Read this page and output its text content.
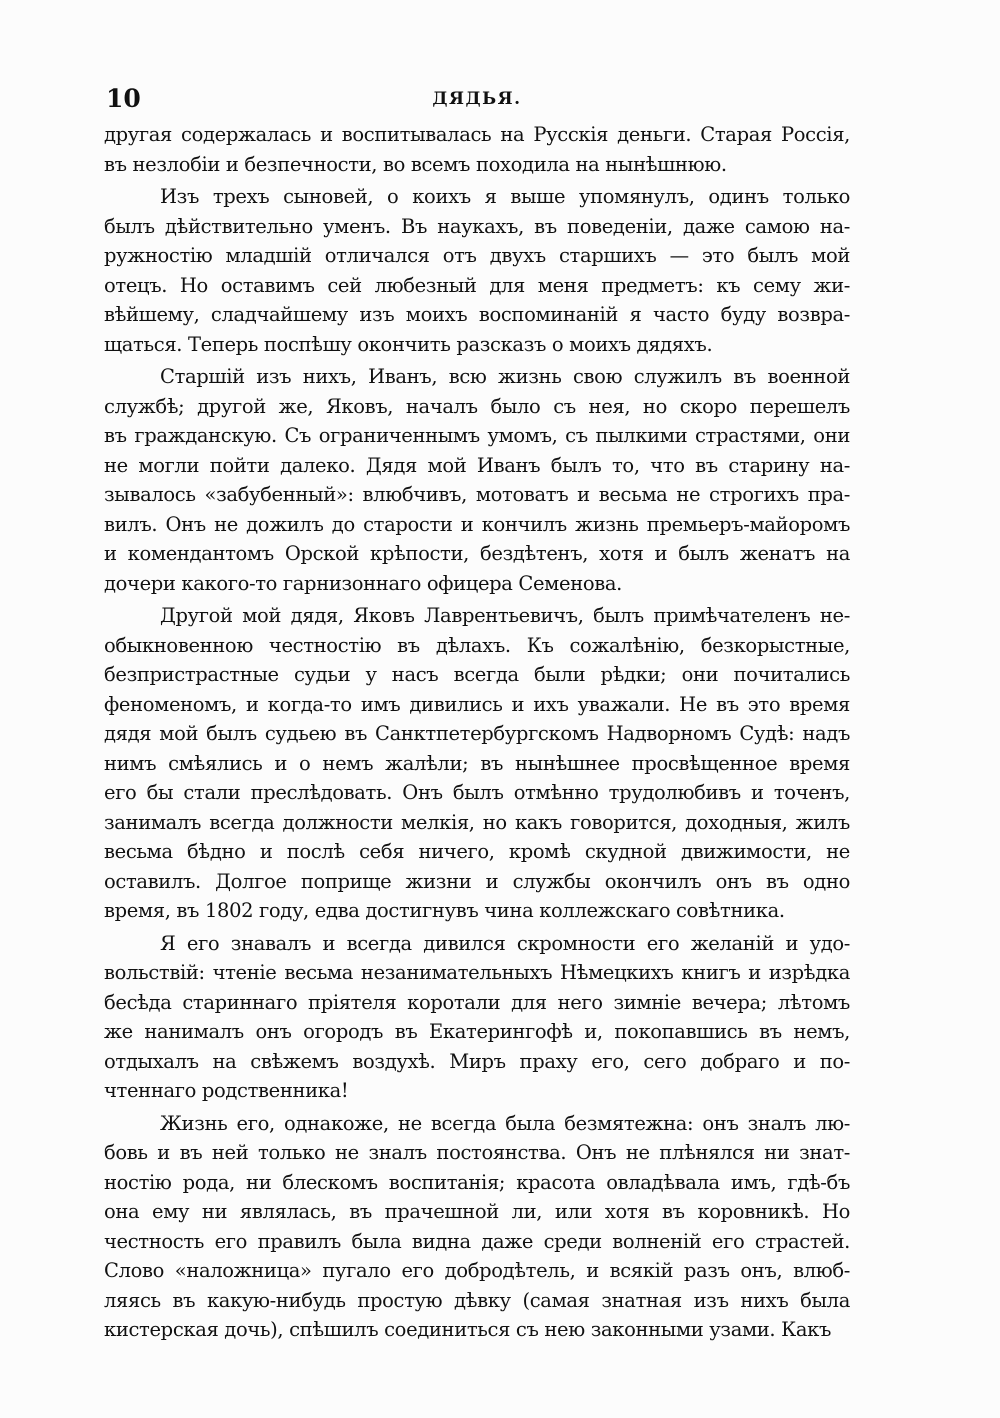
10	ДЯДЬЯ.
другая содержалась и воспитывалась на Русскія деньги. Старая Россія,
въ незлобіи и безпечности, во всемъ походила на нынѣшнюю.
Изъ трехъ сыновей, о коихъ я выше упомянулъ, одинъ только
былъ дѣйствительно уменъ. Въ наукахъ, въ поведеніи, даже самою на-
ружностію младшій отличался отъ двухъ старшихъ — это былъ мой
отецъ. Но оставимъ сей любезный для меня предметъ: къ сему жи-
вѣйшему, сладчайшему изъ моихъ воспоминаній я часто буду возвра-
щаться. Теперь поспѣшу окончить разсказъ о моихъ дядяхъ.
Старшій изъ нихъ, Иванъ, всю жизнь свою служилъ въ военной
службѣ; другой же, Яковъ, началъ было съ нея, но скоро перешелъ
въ гражданскую. Съ ограниченнымъ умомъ, съ пылкими страстями, они
не могли пойти далеко. Дядя мой Иванъ былъ то, что въ старину на-
зывалось «забубенный»: влюбчивъ, мотоватъ и весьма не строгихъ пра-
вилъ. Онъ не дожилъ до старости и кончилъ жизнь премьеръ-майоромъ
и комендантомъ Орской крѣпости, бездѣтенъ, хотя и былъ женатъ на
дочери какого-то гарнизоннаго офицера Семенова.
Другой мой дядя, Яковъ Лаврентьевичъ, былъ примѣчателенъ не-
обыкновенною честностію въ дѣлахъ. Къ сожалѣнію, безкорыстные,
безпристрастные судьи у насъ всегда были рѣдки; они почитались
феноменомъ, и когда-то имъ дивились и ихъ уважали. Не въ это время
дядя мой былъ судьею въ Санктпетербургскомъ Надворномъ Судѣ: надъ
нимъ смѣялись и о немъ жалѣли; въ нынѣшнее просвѣщенное время
его бы стали преслѣдовать. Онъ былъ отмѣнно трудолюбивъ и точенъ,
занималъ всегда должности мелкія, но какъ говорится, доходныя, жилъ
весьма бѣдно и послѣ себя ничего, кромѣ скудной движимости, не
оставилъ. Долгое поприще жизни и службы окончилъ онъ въ одно
время, въ 1802 году, едва достигнувъ чина коллежскаго совѣтника.
Я его знавалъ и всегда дивился скромности его желаній и удо-
вольствій: чтеніе весьма незанимательныхъ Нѣмецкихъ книгъ и изрѣдка
бесѣда стариннаго пріятеля коротали для него зимніе вечера; лѣтомъ
же нанималъ онъ огородъ въ Екатерингофѣ и, покопавшись въ немъ,
отдыхалъ на свѣжемъ воздухѣ. Миръ праху его, сего добраго и по-
чтеннаго родственника!
Жизнь его, однакоже, не всегда была безмятежна: онъ зналъ лю-
бовь и въ ней только не зналъ постоянства. Онъ не плѣнялся ни знат-
ностію рода, ни блескомъ воспитанія; красота овладѣвала имъ, гдѣ-бъ
она ему ни являлась, въ прачешной ли, или хотя въ коровникѣ. Но
честность его правилъ была видна даже среди волненій его страстей.
Слово «наложница» пугало его добродѣтель, и всякій разъ онъ, влюб-
ляясь въ какую-нибудь простую дѣвку (самая знатная изъ нихъ была
кистерская дочь), спѣшилъ соединиться съ нею законными узами. Какъ
